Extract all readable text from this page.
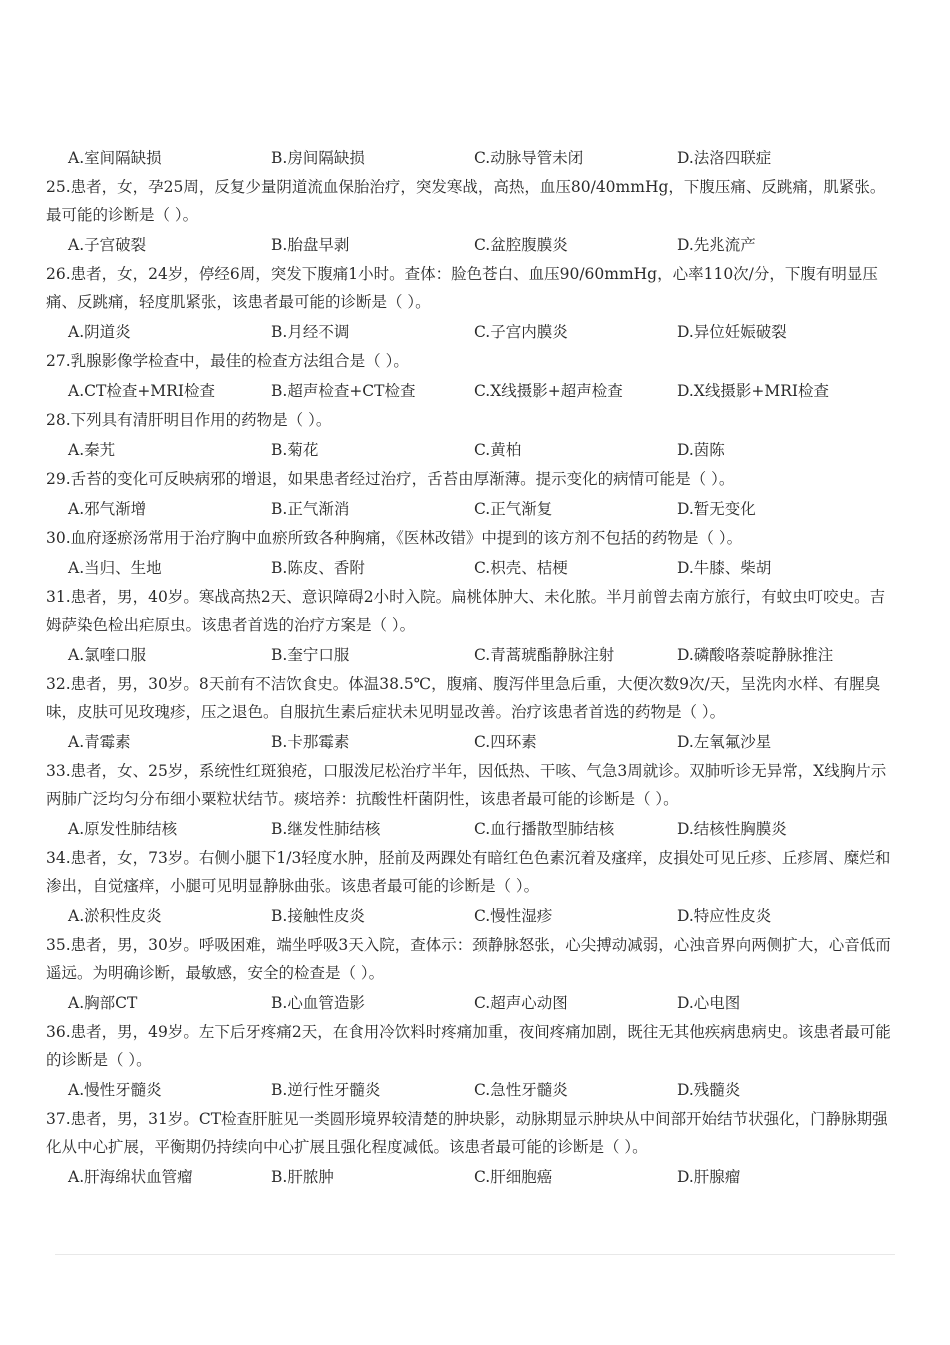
A.室间隔缺损	B.房间隔缺损	C.动脉导管未闭	D.法洛四联症

25.患者，女，孕25周，反复少量阴道流血保胎治疗，突发寒战，高热，血压80/40mmHg，下腹压痛、反跳痛，肌紧张。最可能的诊断是（ ）。

A.子宫破裂	B.胎盘早剥	C.盆腔腹膜炎	D.先兆流产

26.患者，女，24岁，停经6周，突发下腹痛1小时。查体：脸色苍白、血压90/60mmHg，心率110次/分，下腹有明显压痛、反跳痛，轻度肌紧张，该患者最可能的诊断是（ ）。

A.阴道炎	B.月经不调	C.子宫内膜炎	D.异位妊娠破裂

27.乳腺影像学检查中，最佳的检查方法组合是（ ）。

A.CT检查+MRI检查	B.超声检查+CT检查	C.X线摄影+超声检查	D.X线摄影+MRI检查

28.下列具有清肝明目作用的药物是（ ）。

A.秦艽	B.菊花	C.黄柏	D.茵陈

29.舌苔的变化可反映病邪的增退，如果患者经过治疗，舌苔由厚渐薄。提示变化的病情可能是（ ）。

A.邪气渐增	B.正气渐消	C.正气渐复	D.暂无变化

30.血府逐瘀汤常用于治疗胸中血瘀所致各种胸痛，《医林改错》中提到的该方剂不包括的药物是（ ）。

A.当归、生地	B.陈皮、香附	C.枳壳、桔梗	D.牛膝、柴胡

31.患者，男，40岁。寒战高热2天、意识障碍2小时入院。扁桃体肿大、未化脓。半月前曾去南方旅行，有蚊虫叮咬史。吉姆萨染色检出疟原虫。该患者首选的治疗方案是（ ）。

A.氯喹口服	B.奎宁口服	C.青蒿琥酯静脉注射	D.磷酸咯萘啶静脉推注

32.患者，男，30岁。8天前有不洁饮食史。体温38.5℃，腹痛、腹泻伴里急后重，大便次数9次/天，呈洗肉水样、有腥臭味，皮肤可见玫瑰疹，压之退色。自服抗生素后症状未见明显改善。治疗该患者首选的药物是（ ）。

A.青霉素	B.卡那霉素	C.四环素	D.左氧氟沙星

33.患者，女、25岁，系统性红斑狼疮，口服泼尼松治疗半年，因低热、干咳、气急3周就诊。双肺听诊无异常，X线胸片示两肺广泛均匀分布细小粟粒状结节。痰培养：抗酸性杆菌阴性，该患者最可能的诊断是（ ）。

A.原发性肺结核	B.继发性肺结核	C.血行播散型肺结核	D.结核性胸膜炎

34.患者，女，73岁。右侧小腿下1/3轻度水肿，胫前及两踝处有暗红色色素沉着及瘙痒，皮損处可见丘疹、丘疹屑、糜烂和渗出，自觉瘙痒，小腿可见明显静脉曲张。该患者最可能的诊断是（ ）。

A.淤积性皮炎	B.接触性皮炎	C.慢性湿疹	D.特应性皮炎

35.患者，男，30岁。呼吸困难，端坐呼吸3天入院，查体示：颈静脉怒张，心尖搏动减弱，心浊音界向两侧扩大，心音低而遥远。为明确诊断，最敏感，安全的检查是（ ）。

A.胸部CT	B.心血管造影	C.超声心动图	D.心电图

36.患者，男，49岁。左下后牙疼痛2天，在食用冷饮料时疼痛加重，夜间疼痛加剧，既往无其他疾病患病史。该患者最可能的诊断是（ ）。

A.慢性牙髓炎	B.逆行性牙髓炎	C.急性牙髓炎	D.残髓炎

37.患者，男，31岁。CT检查肝脏见一类圆形境界较清楚的肿块影，动脉期显示肿块从中间部开始结节状强化，门静脉期强化从中心扩展，平衡期仍持续向中心扩展且强化程度减低。该患者最可能的诊断是（ ）。

A.肝海绵状血管瘤	B.肝脓肿	C.肝细胞癌	D.肝腺瘤
